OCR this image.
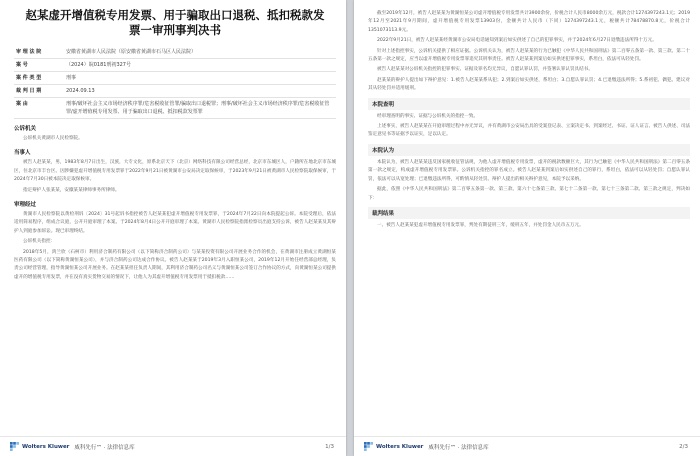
赵某虚开增值税专用发票、用于骗取出口退税、抵扣税款发票一审刑事判决书
审 理 法 院	安徽省黄湖市人民法院（原安徽省黄湖市石马区人民法院）
案 号	（2024）皖0181刑初327号
案 件 类 型	刑事
裁 判 日 期	2024.09.13
案 由	刑事/破坏社会主义市场经济秩序罪/危害税收征管罪/骗取出口退税罪；刑事/破坏社会主义市场经济秩序罪/危害税收征管罪/虚开增值税专用发票、用于骗取出口退税、抵扣税款发票罪
公诉机关
公诉机关黄湖市人民检察院。
当事人
被告人赵某某，男，1983年8月7日出生，汉族，大专文化，原系北京天下（北京）网络科技有限公司经营总经，北京市东城区人，户籍所在地北京市东城区，住北京市丰台区。因涉嫌犯虚开增值税专用发票罪于2022年9月21日被黄湖市公安局决定取保候审，于2023年9月21日被黄湖市人民检察院取保候审，于2024年7月30日被本院决定取保候审。
指定辩护人张某某，安徽某某律师事务所律师。
审理经过
黄湖市人民检察院以黄检刑诉〔2024〕31号起诉书指控被告人赵某某犯虚开增值税专用发票罪，于2024年7月22日向本院提起公诉。本院受理后，依法适用简易程序，组成合议庭，公开开庭审理了本案。于2024年8月4日公开开庭审理了本案。黄湖市人民检察院指派检察员出庭支持公诉，被告人赵某某及其辩护人到庭参加诉讼。现已审理终结。
公诉机关指控：
2018年5月，鸿兰欣（石柯市）利用济合制药有限公司（以下简称济合制药公司）与某某投资有限公司开展业务合作的机会，在黄湖市注册成立黄湖恒某医药有限公司（以下简称黄湖恒某公司），并与济合制药公司达成合作协议。被告人赵某某于2019年3月入职恒某公司，2019年12月开始任经营部总经理，负责公司经营管理，指导黄湖恒某公司开展业务。在赵某某担任负责人期间，其利用济合制药公司名义与黄湖恒某公司签订合作协议的方式，向黄湖恒某公司提供虚开的增值税专用发票，并在没有真实货物交易的情况下，让他人为其虚开增值税专用发票用于抵扣税款……
Wolters Kluwer 威科先行™ · 法律信息库	1/3
截至2019年12月，被告人赵某某为黄湖恒某公司虚开增值税专用发票共计3900余份，价税合计人民币8000余万元，税款合计1274397243.1元；2019年12月至2021年9月期间，虚开增值税专用发票13903份，金额共计人民币（下同）1274397243.1元，税额共计78478870.8元，价税合计1351073113.9元。
2022年9月21日，被告人赵某某经黄湖市公安局电话通知到案后如实供述了自己的犯罪事实，并于2024年6月27日退缴违法所得十万元。
针对上述指控事实，公诉机关提供了相应证据。公诉机关认为，被告人赵某某的行为已触犯《中华人民共和国刑法》第二百零五条第一款、第三款、第二十五条第一款之规定，应当以虚开增值税专用发票罪追究其刑事责任。被告人赵某某到案后如实供述犯罪事实，系坦白，依法可从轻处罚。
被告人赵某某对公诉机关指控的犯罪事实、证据及罪名均无异议，自愿认罪认罚，并签署认罪认罚具结书。
赵某某的辩护人提出如下辩护意见：1.被告人赵某某系从犯；2.到案后如实供述，系坦白；3.自愿认罪认罚；4.已退缴违法所得；5.系初犯、偶犯。建议对其从轻处罚并适用缓刑。
本院查明
经审理查明的事实、证据与公诉机关的指控一致。
上述事实，被告人赵某某在开庭审理过程中亦无异议，并有黄湖市公安局出具的受案登记表、立案决定书、到案经过、书证、证人证言、被告人供述、司法鉴定意见书等证据予以证实，足以认定。
本院认为
本院认为，被告人赵某某违反国家税收征管法规，为他人虚开增值税专用发票，虚开的税款数额巨大，其行为已触犯《中华人民共和国刑法》第二百零五条第一款之规定，构成虚开增值税专用发票罪。公诉机关指控的罪名成立。被告人赵某某到案后如实供述自己的罪行，系坦白，依法可以从轻处罚；自愿认罪认罚，依法可以从宽处理；已退缴违法所得，可酌情从轻处罚。辩护人提出的相关辩护意见，本院予以采纳。
据此，依照《中华人民共和国刑法》第二百零五条第一款、第三款、第六十七条第三款、第七十二条第一款、第七十三条第二款、第三款之规定，判决如下：
裁判结果
一、被告人赵某某犯虚开增值税专用发票罪，判处有期徒刑三年，缓刑五年，并处罚金人民币五万元。
Wolters Kluwer 威科先行™ · 法律信息库	2/3
